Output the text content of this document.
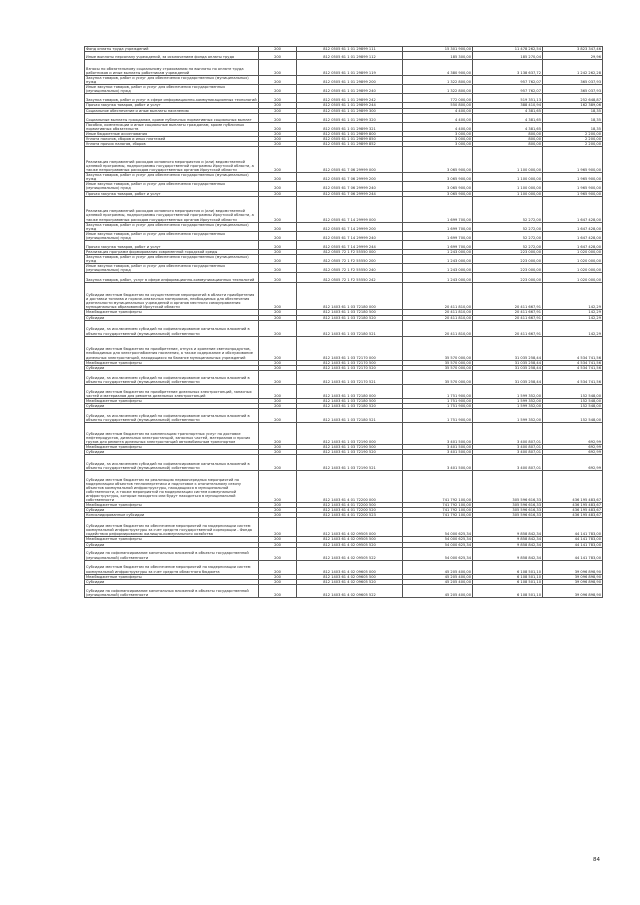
Фонд оплаты труда учреждений	200	812 0505 61 1 01 29899 111	15 301 900,00	11 478 262,54	3 823 347,46
Иные выплаты персоналу учреждений, за исключением фонда оплаты труда	200	812 0505 61 1 01 29899 112	185 300,00	185 270,04	29,96
Взносы по обязательному социальному страхованию на выплаты по оплате труда работников и иные выплаты работникам учреждений	200	812 0505 61 1 01 29899 119	4 380 900,00	3 138 637,72	1 242 262,28
Закупка товаров, работ и услуг для обеспечения государственных (муниципальных) нужд	200	812 0505 61 1 01 29899 200	1 322 800,00	957 762,07	365 037,93
Иные закупки товаров, работ и услуг для обеспечения государственных (муниципальных) нужд	200	812 0505 61 1 01 29899 240	1 322 800,00	957 762,07	365 037,93
Закупка товаров, работ и услуг в сфере информационно-коммуникационных технологий	200	812 0505 61 1 01 29899 242	772 000,00	519 351,13	252 648,87
Прочая закупка товаров, работ и услуг	200	812 0505 61 1 01 29899 244	550 800,00	388 410,94	162 389,06
Социальное обеспечение и иные выплаты населению	200	812 0505 61 1 01 29899 300	4 400,00	4 381,65	18,35
Социальные выплаты гражданам, кроме публичных нормативных социальных выплат	200	812 0505 61 1 01 29899 320	4 400,00	4 381,65	18,35
Пособия, компенсации и иные социальные выплаты гражданам, кроме публичных нормативных обязательств	200	812 0505 61 1 01 29899 321	4 400,00	4 381,65	18,35
Иные бюджетные ассигнования	200	812 0505 61 1 01 29899 800	3 000,00	800,00	2 200,00
Уплата налогов, сборов и иных платежей	200	812 0505 61 1 01 29899 850	3 000,00	800,00	2 200,00
Уплата прочих налогов, сборов	200	812 0505 61 1 01 29899 852	3 000,00	800,00	2 200,00
Реализация направлений расходов основного мероприятия и (или) ведомственной целевой программы, подпрограммы государственной программы Иркутской области, а также непрограммных расходов государственных органов Иркутской области	200	812 0505 61 7 06 29999 000	3 065 900,00	1 100 000,00	1 965 900,00
Закупка товаров, работ и услуг для обеспечения государственных (муниципальных) нужд	200	812 0505 61 7 06 29999 200	3 065 900,00	1 100 000,00	1 965 900,00
Иные закупки товаров, работ и услуг для обеспечения государственных (муниципальных) нужд	200	812 0505 61 7 06 29999 240	3 065 900,00	1 100 000,00	1 965 900,00
Прочая закупка товаров, работ и услуг	200	812 0505 61 7 06 29999 244	3 065 900,00	1 100 000,00	1 965 900,00
Реализация направлений расходов основного мероприятия и (или) ведомственной целевой программы, подпрограммы государственной программы Иркутской области, а также непрограммных расходов государственных органов Иркутской области	200	812 0505 61 7 14 29999 000	1 699 700,00	52 272,00	1 647 428,00
Закупка товаров, работ и услуг для обеспечения государственных (муниципальных) нужд	200	812 0505 61 7 14 29999 200	1 699 700,00	52 272,00	1 647 428,00
Иные закупки товаров, работ и услуг для обеспечения государственных (муниципальных) нужд	200	812 0505 61 7 14 29999 240	1 699 700,00	52 272,00	1 647 428,00
Прочая закупка товаров, работ и услуг	200	812 0505 61 7 14 29999 244	1 699 700,00	52 272,00	1 647 428,00
Реализация программ формирования современной городской среды	200	812 0505 72 1 F2 55550 000	1 243 000,00	223 000,00	1 020 000,00
Закупка товаров, работ и услуг для обеспечения государственных (муниципальных) нужд	200	812 0505 72 1 F2 55550 200	1 243 000,00	223 000,00	1 020 000,00
Иные закупки товаров, работ и услуг для обеспечения государственных (муниципальных) нужд	200	812 0505 72 1 F2 55550 240	1 243 000,00	223 000,00	1 020 000,00
Закупка товаров, работ, услуг в сфере информационно-коммуникационных технологий	200	812 0505 72 1 F2 55550 242	1 243 000,00	223 000,00	1 020 000,00
Субсидии местным бюджетам на осуществление мероприятий в области приобретения и доставки топлива и горюче-смазочных материалов, необходимых для обеспечения деятельности муниципальных учреждений и органов местного самоуправления муниципальных образований Иркутской области	200	812 1403 61 1 03 72180 000	20 411 810,00	20 411 667,91	142,29
Межбюджетные трансферты	200	812 1403 61 1 03 72180 500	20 411 810,00	20 411 667,91	142,29
Субсидии	200	812 1403 61 1 03 72180 520	20 411 810,00	20 411 667,91	142,29
Субсидии, за исключением субсидий на софинансирование капитальных вложений в объекты государственной (муниципальной) собственности	200	812 1403 61 1 03 72180 521	20 411 810,00	20 411 667,91	142,29
Субсидии местным бюджетам на приобретение, отпуск и хранение светлопродуктов, необходимых для электроснабжения населения, а также содержание и обслуживание дизельных электростанций, находящихся на балансе муниципальных учреждений	200	812 1403 61 1 03 72170 000	35 570 000,00	31 035 258,44	4 534 741,56
Межбюджетные трансферты	200	812 1403 61 1 03 72170 500	35 570 000,00	31 035 258,44	4 534 741,56
Субсидии	200	812 1403 61 1 03 72170 520	35 570 000,00	31 035 258,44	4 534 741,56
Субсидии, за исключением субсидий на софинансирование капитальных вложений в объекты государственной (муниципальной) собственности	200	812 1403 61 1 03 72170 521	35 570 000,00	31 035 258,44	4 534 741,56
Субсидии местным бюджетам на приобретение дизельных электростанций, запасных частей и материалов для ремонта дизельных электростанций	200	812 1403 61 1 03 72180 000	1 751 900,00	1 599 352,00	152 548,00
Межбюджетные трансферты	200	812 1403 61 1 03 72180 500	1 751 900,00	1 599 352,00	152 548,00
Субсидии	200	812 1403 61 1 03 72180 520	1 751 900,00	1 599 352,00	152 548,00
Субсидии, за исключением субсидий на софинансирование капитальных вложений в объекты государственной (муниципальной) собственности	200	812 1403 61 1 03 72180 521	1 751 900,00	1 599 352,00	152 548,00
Субсидии местным бюджетам на компенсацию транспортных услуг по доставке нефтепродуктов, дизельных электростанций, запасных частей, материалов и прочих грузов для ремонта дизельных электростанций автомобильным транспортом	200	812 1403 61 1 03 72190 000	3 401 500,00	3 400 807,01	692,99
Межбюджетные трансферты	200	812 1403 61 1 03 72190 500	3 401 500,00	3 400 807,01	692,99
Субсидии	200	812 1403 61 1 03 72190 520	3 401 500,00	3 400 807,01	692,99
Субсидии, за исключением субсидий на софинансирование капитальных вложений в объекты государственной (муниципальной) собственности	200	812 1403 61 1 03 72190 521	3 401 500,00	3 400 807,01	692,99
Субсидии местным бюджетам на реализацию первоочередных мероприятий по модернизации объектов теплоэнергетики и подготовке к отопительному сезону объектов коммунальной инфраструктуры, находящихся в муниципальной собственности, а также мероприятий по модернизации систем коммунальной инфраструктуры, которые находятся или будут находиться в муниципальной собственности	200	812 1403 61 4 01 72200 000	741 792 100,00	305 596 616,33	436 195 483,67
Межбюджетные трансферты	200	812 1403 61 4 01 72200 500	741 792 100,00	305 596 616,33	436 195 483,67
Субсидии	200	812 1403 61 4 01 72200 520	741 792 100,00	305 596 616,33	436 195 483,67
Консолидированные субсидии	200	812 1403 61 4 01 72200 523	741 792 100,00	305 596 616,33	436 195 483,67
Субсидии местным бюджетам на обеспечение мероприятий по модернизации систем коммунальной инфраструктуры за счет средств государственной корпорации - Фонда содействия реформированию жилищно-коммунального хозяйства	200	812 1403 61 4 02 09505 000	54 000 625,34	9 858 842,34	44 141 783,00
Межбюджетные трансферты	200	812 1403 61 4 02 09505 500	54 000 625,34	9 858 842,34	44 141 783,00
Субсидии	200	812 1403 61 4 02 09505 520	54 000 625,34	9 858 842,34	44 141 783,00
Субсидии на софинансирование капитальных вложений в объекты государственной (муниципальной) собственности	200	812 1403 61 4 02 09505 522	54 000 625,34	9 858 842,34	44 141 783,00
Субсидии местным бюджетам на обеспечение мероприятий по модернизации систем коммунальной инфраструктуры за счет средств областного бюджета	200	812 1403 61 4 02 09605 000	45 205 400,00	6 108 501,10	39 096 898,90
Межбюджетные трансферты	200	812 1403 61 4 02 09605 500	45 205 400,00	6 108 501,10	39 096 898,90
Субсидии	200	812 1403 61 4 02 09605 520	45 205 400,00	6 108 501,10	39 096 898,90
Субсидии на софинансирование капитальных вложений в объекты государственной (муниципальной) собственности	200	812 1403 61 4 02 09605 522	45 205 400,00	6 108 501,10	39 096 898,90
84
